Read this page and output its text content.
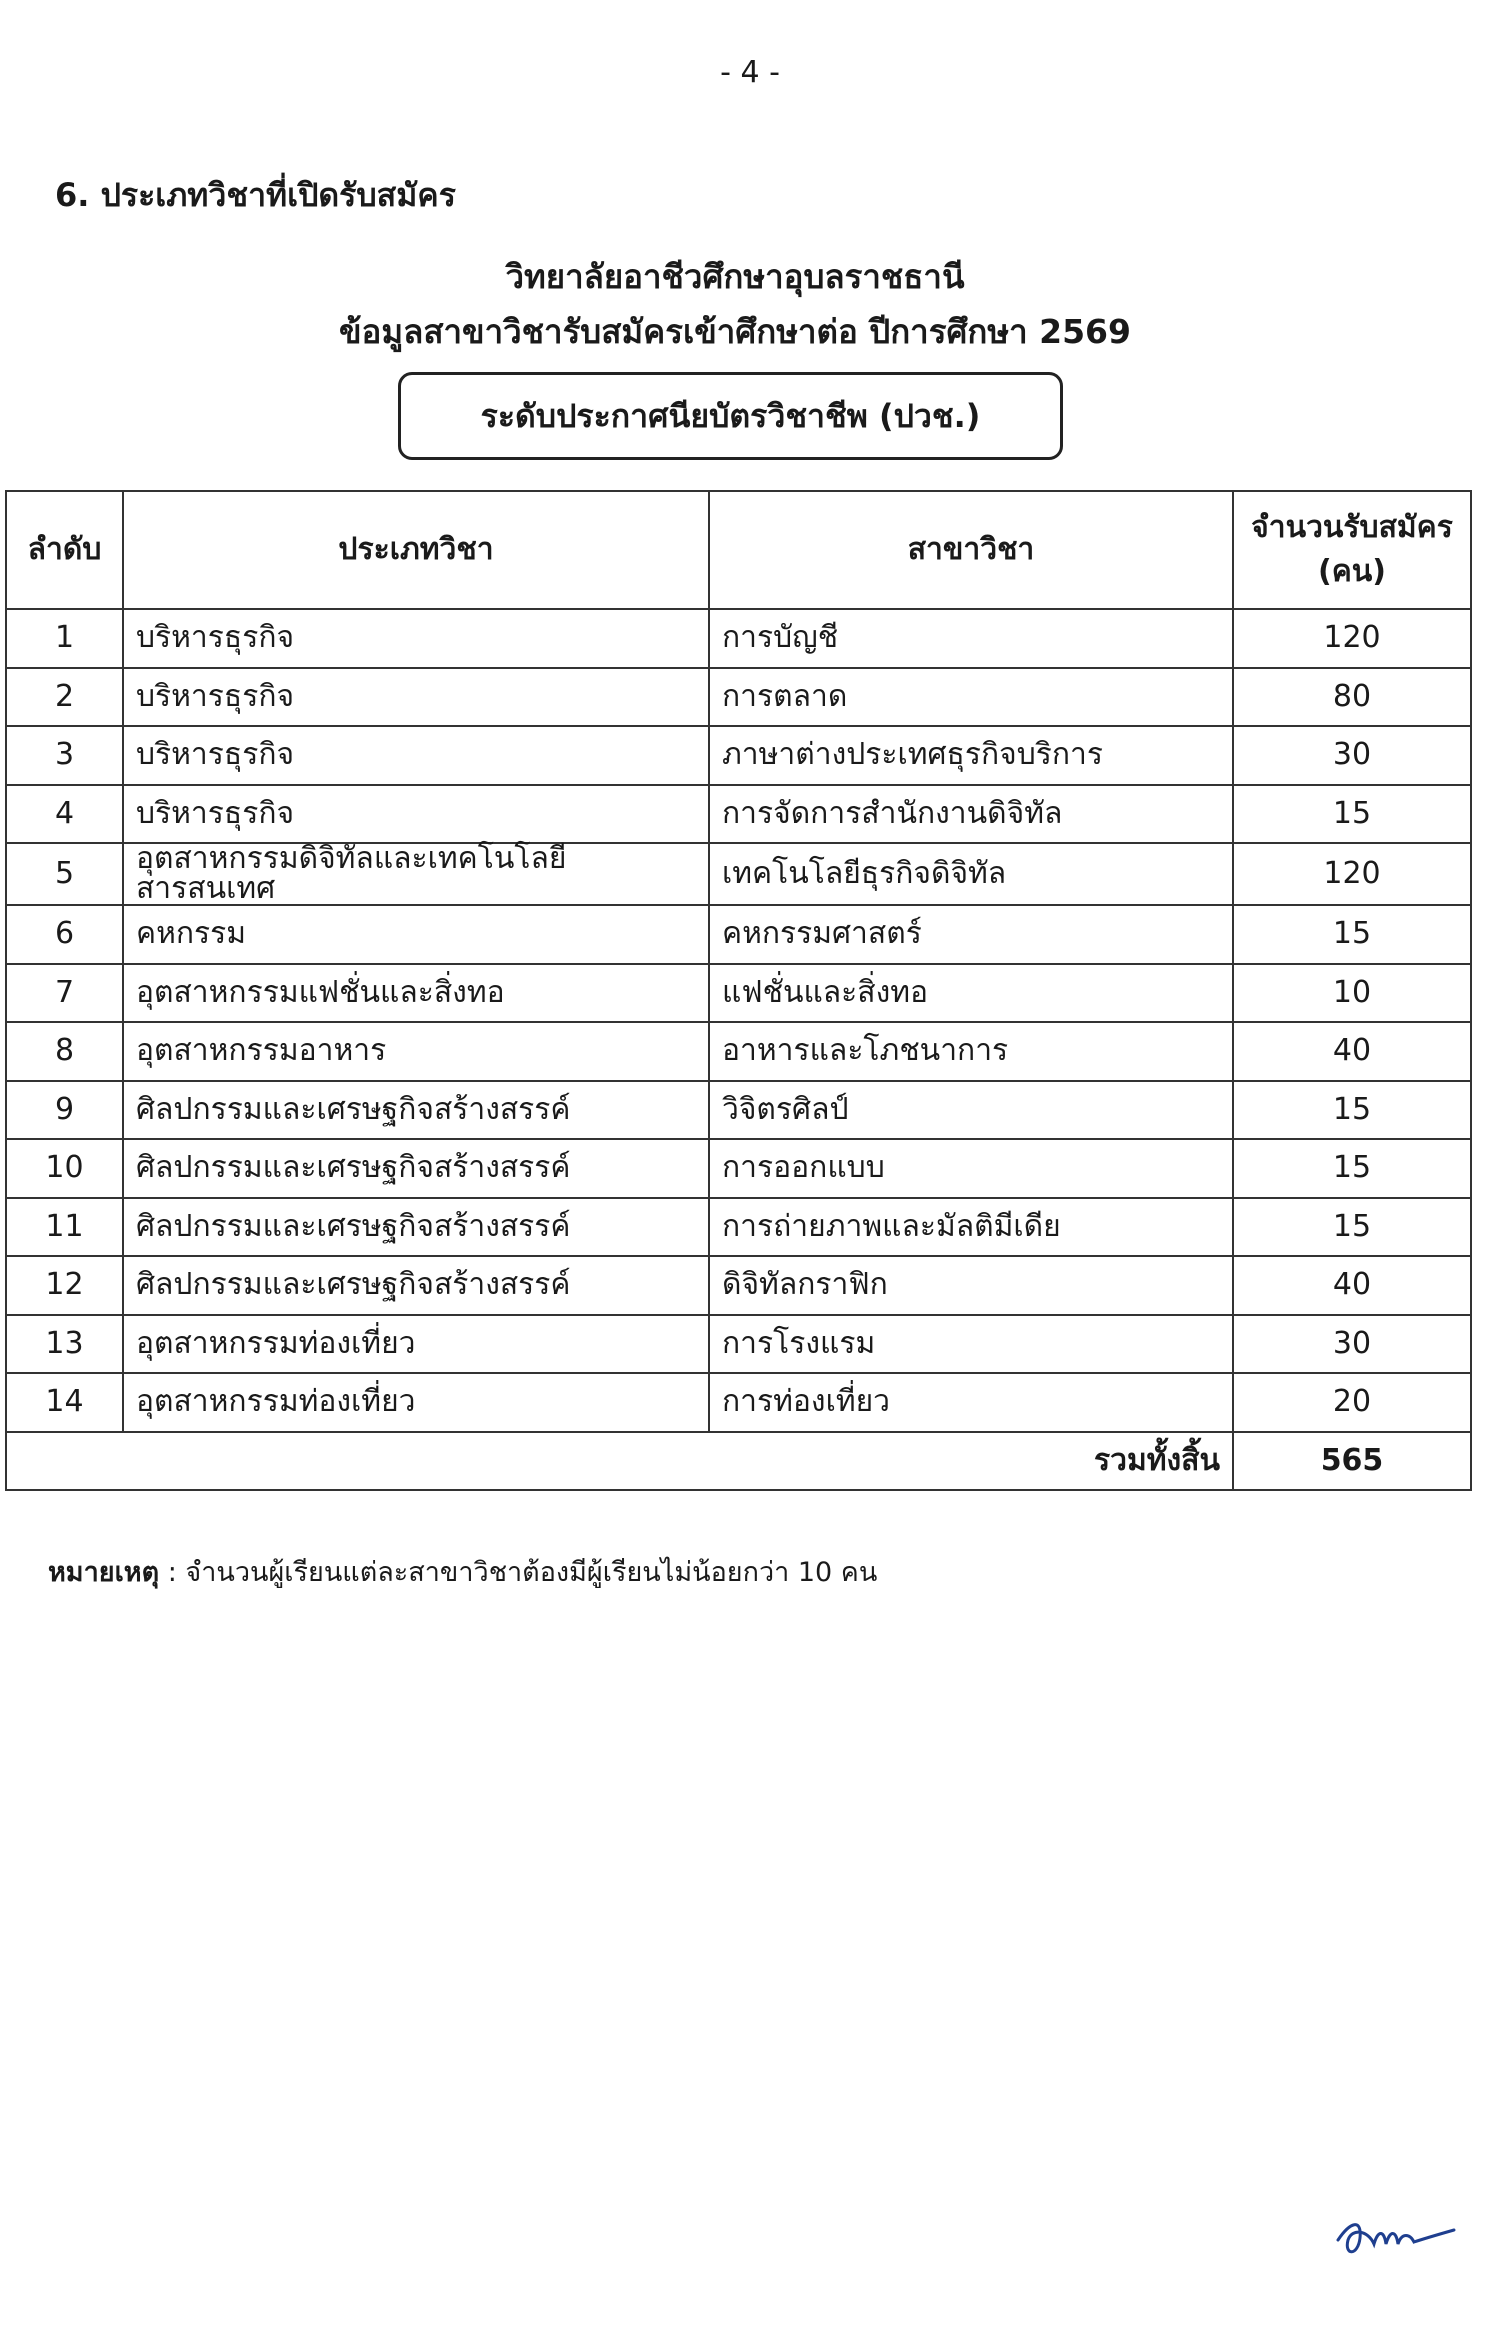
- 4 -
6. ประเภทวิชาที่เปิดรับสมัคร
วิทยาลัยอาชีวศึกษาอุบลราชธานี
ข้อมูลสาขาวิชารับสมัครเข้าศึกษาต่อ ปีการศึกษา 2569
ระดับประกาศนียบัตรวิชาชีพ (ปวช.)
ลำดับ	ประเภทวิชา	สาขาวิชา	จำนวนรับสมัคร
(คน)

1	บริหารธุรกิจ	การบัญชี	120
2	บริหารธุรกิจ	การตลาด	80
3	บริหารธุรกิจ	ภาษาต่างประเทศธุรกิจบริการ	30
4	บริหารธุรกิจ	การจัดการสำนักงานดิจิทัล	15
5	อุตสาหกรรมดิจิทัลและเทคโนโลยีสารสนเทศ	เทคโนโลยีธุรกิจดิจิทัล	120
6	คหกรรม	คหกรรมศาสตร์	15
7	อุตสาหกรรมแฟชั่นและสิ่งทอ	แฟชั่นและสิ่งทอ	10
8	อุตสาหกรรมอาหาร	อาหารและโภชนาการ	40
9	ศิลปกรรมและเศรษฐกิจสร้างสรรค์	วิจิตรศิลป์	15
10	ศิลปกรรมและเศรษฐกิจสร้างสรรค์	การออกแบบ	15
11	ศิลปกรรมและเศรษฐกิจสร้างสรรค์	การถ่ายภาพและมัลติมีเดีย	15
12	ศิลปกรรมและเศรษฐกิจสร้างสรรค์	ดิจิทัลกราฟิก	40
13	อุตสาหกรรมท่องเที่ยว	การโรงแรม	30
14	อุตสาหกรรมท่องเที่ยว	การท่องเที่ยว	20
รวมทั้งสิ้น			565
หมายเหตุ : จำนวนผู้เรียนแต่ละสาขาวิชาต้องมีผู้เรียนไม่น้อยกว่า 10 คน
